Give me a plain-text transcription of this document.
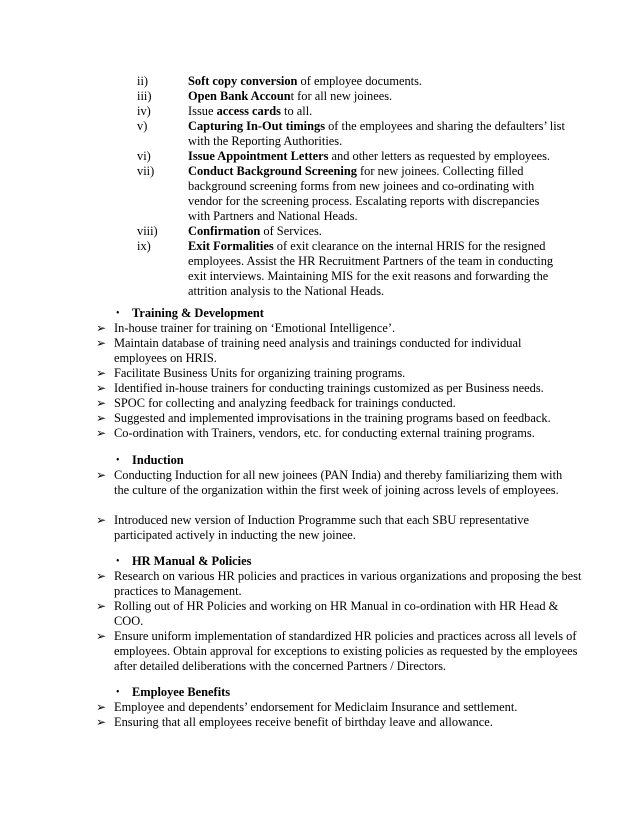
ii)	Soft copy conversion of employee documents.
iii)	Open Bank Account for all new joinees.
iv)	Issue access cards to all.
v)	Capturing In-Out timings of the employees and sharing the defaulters’ list with the Reporting Authorities.
vi)	Issue Appointment Letters and other letters as requested by employees.
vii)	Conduct Background Screening for new joinees. Collecting filled background screening forms from new joinees and co-ordinating with vendor for the screening process. Escalating reports with discrepancies with Partners and National Heads.
viii) Confirmation of Services.
ix)	Exit Formalities of exit clearance on the internal HRIS for the resigned employees. Assist the HR Recruitment Partners of the team in conducting exit interviews. Maintaining MIS for the exit reasons and forwarding the attrition analysis to the National Heads.
• Training & Development
➢ In-house trainer for training on ‘Emotional Intelligence’.
➢ Maintain database of training need analysis and trainings conducted for individual employees on HRIS.
➢ Facilitate Business Units for organizing training programs.
➢ Identified in-house trainers for conducting trainings customized as per Business needs.
➢ SPOC for collecting and analyzing feedback for trainings conducted.
➢ Suggested and implemented improvisations in the training programs based on feedback.
➢ Co-ordination with Trainers, vendors, etc. for conducting external training programs.
• Induction
➢ Conducting Induction for all new joinees (PAN India) and thereby familiarizing them with the culture of the organization within the first week of joining across levels of employees.
➢ Introduced new version of Induction Programme such that each SBU representative participated actively in inducting the new joinee.
• HR Manual & Policies
➢ Research on various HR policies and practices in various organizations and proposing the best practices to Management.
➢ Rolling out of HR Policies and working on HR Manual in co-ordination with HR Head & COO.
➢ Ensure uniform implementation of standardized HR policies and practices across all levels of employees. Obtain approval for exceptions to existing policies as requested by the employees after detailed deliberations with the concerned Partners / Directors.
• Employee Benefits
➢ Employee and dependents’ endorsement for Mediclaim Insurance and settlement.
➢ Ensuring that all employees receive benefit of birthday leave and allowance.
